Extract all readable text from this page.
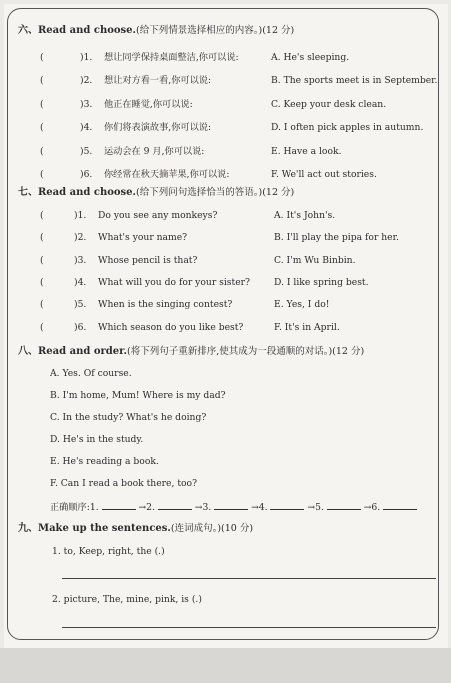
六、Read and choose.(给下列情景选择相应的内容。)(12 分)
(	)1. 想让同学保持桌面整洁,你可以说:	A. He's sleeping.
(	)2. 想让对方看一看,你可以说:	B. The sports meet is in September.
(	)3. 他正在睡觉,你可以说:	C. Keep your desk clean.
(	)4. 你们将表演故事,你可以说:	D. I often pick apples in autumn.
(	)5. 运动会在 9 月,你可以说:	E. Have a look.
(	)6. 你经常在秋天摘苹果,你可以说:	F. We'll act out stories.
七、Read and choose.(给下列问句选择恰当的答语。)(12 分)
(	)1. Do you see any monkeys?	A. It's John's.
(	)2. What's your name?	B. I'll play the pipa for her.
(	)3. Whose pencil is that?	C. I'm Wu Binbin.
(	)4. What will you do for your sister?	D. I like spring best.
(	)5. When is the singing contest?	E. Yes, I do!
(	)6. Which season do you like best?	F. It's in April.
八、Read and order.(将下列句子重新排序,使其成为一段通顺的对话。)(12 分)
A. Yes. Of course.
B. I'm home, Mum! Where is my dad?
C. In the study? What's he doing?
D. He's in the study.
E. He's reading a book.
F. Can I read a book there, too?
正确顺序:1.	→2.	→3.	→4.	→5.	→6.
九、Make up the sentences.(连词成句。)(10 分)
1. to, Keep, right, the (.)
2. picture, The, mine, pink, is (.)
